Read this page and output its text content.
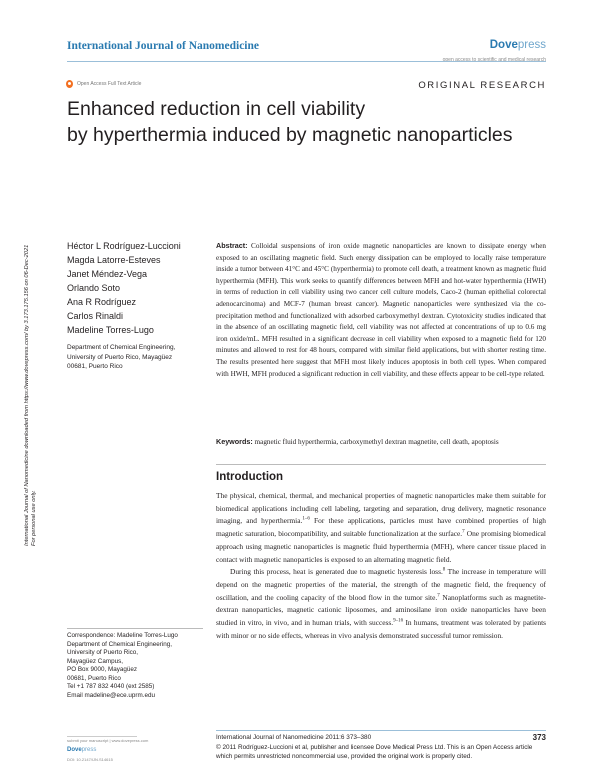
International Journal of Nanomedicine	Dovepress
open access to scientific and medical research
Open Access Full Text Article	ORIGINAL RESEARCH
Enhanced reduction in cell viability
by hyperthermia induced by magnetic nanoparticles
International Journal of Nanomedicine downloaded from https://www.dovepress.com/ by 3.173.175.156 on 06-Dec-2021
For personal use only.
Héctor L Rodríguez-Luccioni
Magda Latorre-Esteves
Janet Méndez-Vega
Orlando Soto
Ana R Rodríguez
Carlos Rinaldi
Madeline Torres-Lugo
Department of Chemical Engineering,
University of Puerto Rico, Mayagüez
00681, Puerto Rico
Abstract: Colloidal suspensions of iron oxide magnetic nanoparticles are known to dissipate energy when exposed to an oscillating magnetic field. Such energy dissipation can be employed to locally raise temperature inside a tumor between 41°C and 45°C (hyperthermia) to promote cell death, a treatment known as magnetic fluid hyperthermia (MFH). This work seeks to quantify differences between MFH and hot-water hyperthermia (HWH) in terms of reduction in cell viability using two cancer cell culture models, Caco-2 (human epithelial colorectal adenocarcinoma) and MCF-7 (human breast cancer). Magnetic nanoparticles were synthesized via the co-precipitation method and functionalized with adsorbed carboxymethyl dextran. Cytotoxicity studies indicated that in the absence of an oscillating magnetic field, cell viability was not affected at concentrations of up to 0.6 mg iron oxide/mL. MFH resulted in a significant decrease in cell viability when exposed to a magnetic field for 120 minutes and allowed to rest for 48 hours, compared with similar field applications, but with shorter resting time. The results presented here suggest that MFH most likely induces apoptosis in both cell types. When compared with HWH, MFH produced a significant reduction in cell viability, and these effects appear to be cell-type related.
Keywords: magnetic fluid hyperthermia, carboxymethyl dextran magnetite, cell death, apoptosis
Introduction

The physical, chemical, thermal, and mechanical properties of magnetic nanoparticles make them suitable for biomedical applications including cell labeling, targeting and separation, drug delivery, magnetic resonance imaging, and hyperthermia.$^{1-6}$ For these applications, particles must have combined properties of high magnetic saturation, biocompatibility, and suitable functionalization at the surface.$^7$ One promising biomedical approach using magnetic nanoparticles is magnetic fluid hyperthermia (MFH), where cancer tissue placed in contact with magnetic nanoparticles is exposed to an alternating magnetic field.

During this process, heat is generated due to magnetic hysteresis loss.$^8$ The increase in temperature will depend on the magnetic properties of the material, the strength of the magnetic field, the frequency of oscillation, and the cooling capacity of the blood flow in the tumor site.$^7$ Nanoplatforms such as magnetite-dextran nanoparticles, magnetic cationic liposomes, and aminosilane iron oxide nanoparticles have been studied in vitro, in vivo, and in human trials, with success.$^{9-16}$ In humans, treatment was tolerated by patients with minor or no side effects, whereas in vivo analysis demonstrated successful tumor remission.

Correspondence: Madeline Torres-Lugo
Department of Chemical Engineering,
University of Puerto Rico,
Mayagüez Campus,
PO Box 9000, Mayagüez
00681, Puerto Rico
Tel +1 787 832 4040 (ext 2585)
Email madeline@ece.uprm.edu
submit your manuscript | www.dovepress.com
Dovepress
DOI: 10.2147/IJN.S14615
International Journal of Nanomedicine 2011:6 373–380	373
© 2011 Rodríguez-Luccioni et al, publisher and licensee Dove Medical Press Ltd. This is an Open Access article which permits unrestricted noncommercial use, provided the original work is properly cited.
